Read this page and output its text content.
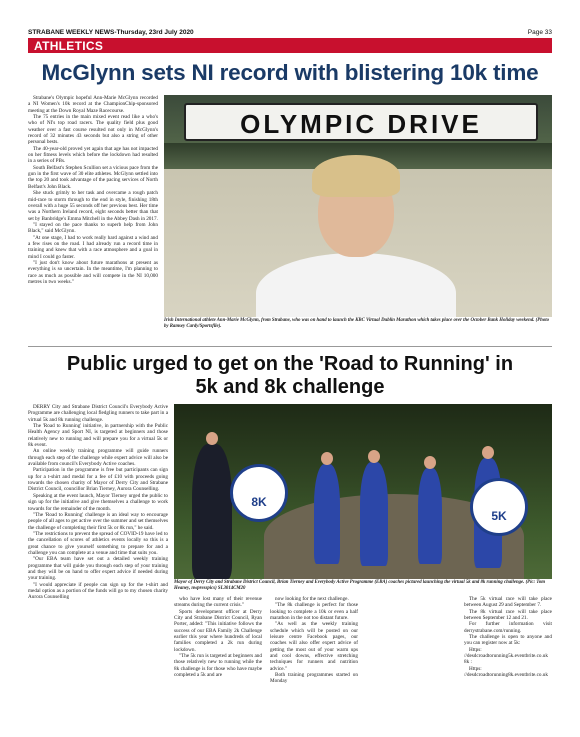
STRABANE WEEKLY NEWS-Thursday, 23rd July 2020	Page 33
ATHLETICS
McGlynn sets NI record with blistering 10k time

Strabane's Olympic hopeful Ann-Marie McGlynn recorded a NI Women's 10k record at the ChampionChip-sponsored meeting at the Down Royal Maze Racecourse.

The 75 entries in the main mixed event read like a who's who of NI's top road racers. The quality field plus good weather over a fast course resulted not only in McGlynn's record of 32 minutes 43 seconds but also a string of other personal bests.

The 40-year-old proved yet again that age has not impacted on her fitness levels which before the lockdown had resulted in a series of PBs.

South Belfast's Stephen Scullion set a vicious pace from the gun in the first wave of 30 elite athletes. McGlynn settled into the top 20 and took advantage of the pacing services of North Belfast's John Black.

She stuck grimly to her task and overcame a rough patch mid-race to storm through to the end in style, finishing 18th overall with a huge 55 seconds off her previous best. Her time was a Northern Ireland record, eight seconds better than that set by Banbridge's Emma Mitchell in the Abbey Dash in 2017.

"I stayed on the pace thanks to superb help from John Black," said McGlynn.

"At one stage, I had to work really hard against a wind and a few rises on the road. I had already run a record time in training and knew that with a race atmosphere and a goal in mind I could go faster.

"I just don't know about future marathons at present as everything is so uncertain. In the meantime, I'm planning to race as much as possible and will compete in the NI 10,000 metres in two weeks."

OLYMPIC DRIVE
Irish International athlete Ann-Marie McGlynn, from Strabane, who was on hand to launch the KBC Virtual Dublin Marathon which takes place over the October Bank Holiday weekend. (Photo by Ramsey Cardy/Sportsfile).
Public urged to get on the 'Road to Running' in
5k and 8k challenge

DERRY City and Strabane District Council's Everybody Active Programme are challenging local fledgling runners to take part in a virtual 5k and 8k running challenge.

The 'Road to Running' initiative, in partnership with the Public Health Agency and Sport NI, is targeted at beginners and those relatively new to running and will prepare you for a virtual 5k or 8k event.

An online weekly training programme will guide runners through each step of the challenge while expert advice will also be available from council's Everybody Active coaches.

Participation in the programme is free but participants can sign up for a t-shirt and medal for a fee of £10 with proceeds going towards the chosen charity of Mayor of Derry City and Strabane District Council, councillor Brian Tierney, Aurora Counselling.

Speaking at the event launch, Mayor Tierney urged the public to sign up for the initiative and give themselves a challenge to work towards for the remainder of the month.

"The 'Road to Running' challenge is an ideal way to encourage people of all ages to get active over the summer and set themselves the challenge of completing their first 5k or 8k run," he said.

"The restrictions to prevent the spread of COVID-19 have led to the cancellation of scores of athletics events locally so this is a great chance to give yourself something to prepare for and a challenge you can complete at a venue and time that suits you.

"Our EBA team have set out a detailed weekly training programme that will guide you through each step of your training and they will be on hand to offer expert advice if needed during your training.

"I would appreciate if people can sign up for the t-shirt and medal option as a portion of the funds will go to my chosen charity Aurora Counselling

8K
5K
Mayor of Derry City and Strabane District Council, Brian Tierney and Everybody Active Programme (EBA) coaches pictured launching the virtual 5k and 8k running challenge. (Pic: Tom Heaney, nwpresspics) SL3014CM20

who have lost many of their revenue streams during the current crisis."

Sports development officer at Derry City and Strabane District Council, Ryan Porter, added: "This initiative follows the success of our EBA Family 2k Challenge earlier this year where hundreds of local families completed a 2k run during lockdown.

"The 5k run is targeted at beginners and those relatively new to running while the 8k challenge is for those who have maybe completed a 5k and are

now looking for the next challenge.

"The 8k challenge is perfect for those looking to complete a 10k or even a half marathon in the not too distant future.

"As well as the weekly training schedule which will be posted on our leisure centre Facebook pages, our coaches will also offer expert advice of getting the most out of your warm ups and cool downs, effective stretching techniques for runners and nutrition advice."

Both training programmes started on Monday

The 5k virtual race will take place between August 29 and September 7.

The 8k virtual race will take place between September 12 and 21.

For further information visit derrystrabane.com/running.

The challenge is open to anyone and you can register now at 5k:

Https: //desdcroadtorunning5k.eventbrite.co.uk 8k :

Https: //desdcroadtorunning8k.eventbrite.co.uk
